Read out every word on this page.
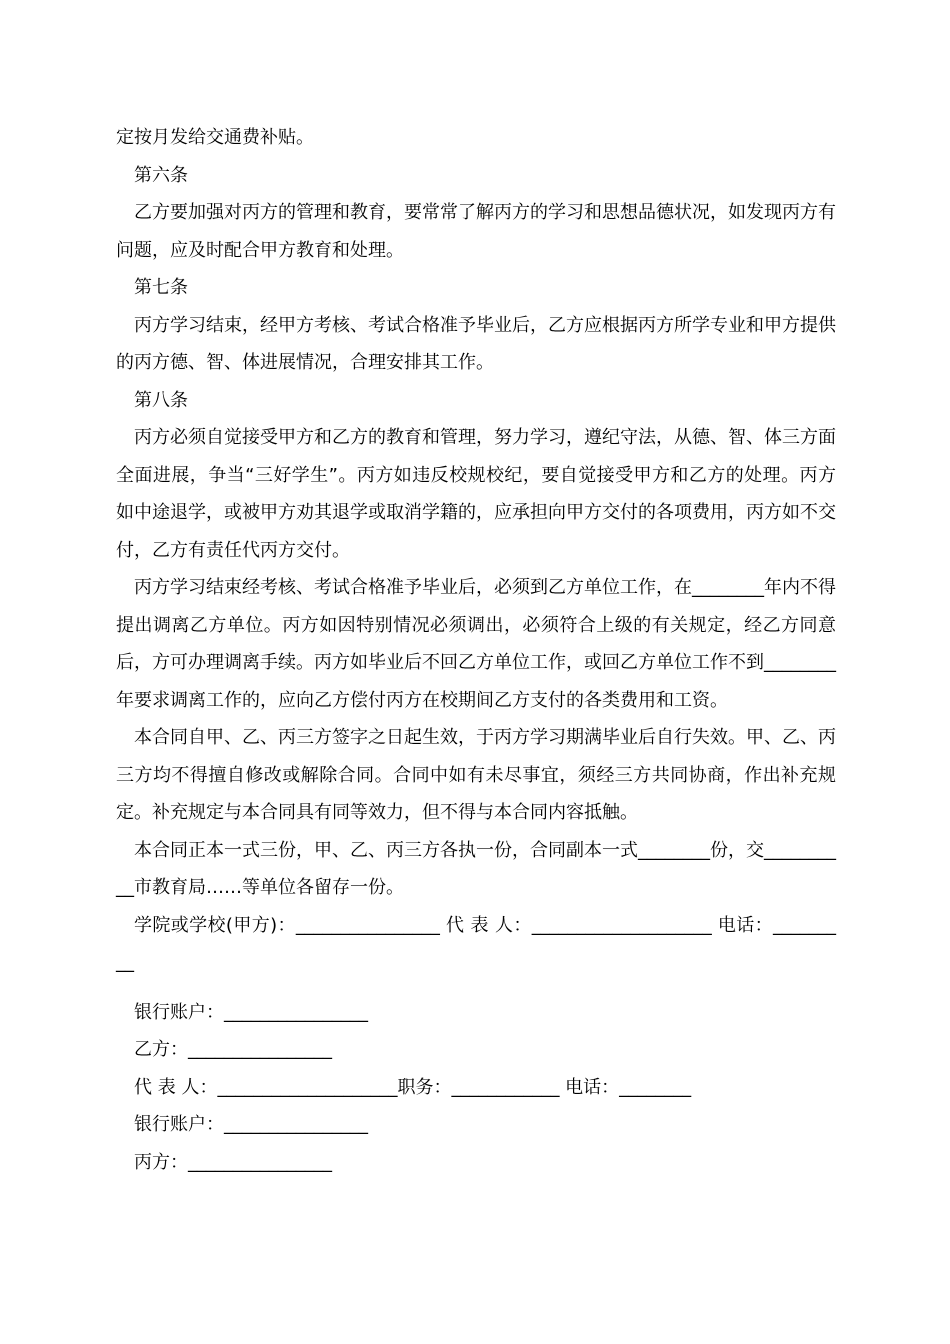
定按月发给交通费补贴。

第六条

乙方要加强对丙方的管理和教育，要常常了解丙方的学习和思想品德状况，如发现丙方有问题，应及时配合甲方教育和处理。

第七条

丙方学习结束，经甲方考核、考试合格准予毕业后，乙方应根据丙方所学专业和甲方提供的丙方德、智、体进展情况，合理安排其工作。

第八条

丙方必须自觉接受甲方和乙方的教育和管理，努力学习，遵纪守法，从德、智、体三方面全面进展，争当“三好学生”。丙方如违反校规校纪，要自觉接受甲方和乙方的处理。丙方如中途退学，或被甲方劝其退学或取消学籍的，应承担向甲方交付的各项费用，丙方如不交付，乙方有责任代丙方交付。

丙方学习结束经考核、考试合格准予毕业后，必须到乙方单位工作，在________年内不得提出调离乙方单位。丙方如因特别情况必须调出，必须符合上级的有关规定，经乙方同意后，方可办理调离手续。丙方如毕业后不回乙方单位工作，或回乙方单位工作不到________年要求调离工作的，应向乙方偿付丙方在校期间乙方支付的各类费用和工资。

本合同自甲、乙、丙三方签字之日起生效，于丙方学习期满毕业后自行失效。甲、乙、丙三方均不得擅自修改或解除合同。合同中如有未尽事宜，须经三方共同协商，作出补充规定。补充规定与本合同具有同等效力，但不得与本合同内容抵触。

本合同正本一式三份，甲、乙、丙三方各执一份，合同副本一式________份，交__________市教育局……等单位各留存一份。

学院或学校(甲方)：________________ 代 表 人：____________________ 电话：_________

银行账户：________________

乙方：________________

代 表 人：____________________职务：____________ 电话：________

银行账户：________________

丙方：________________
